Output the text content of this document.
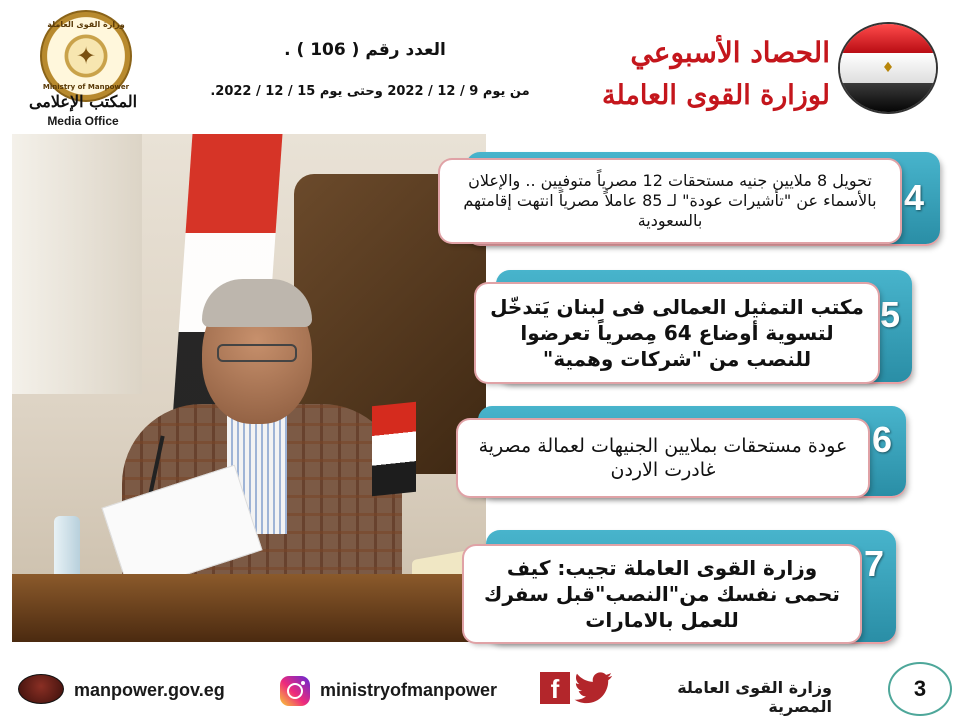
وزارة القوى العاملة
✦
Ministry of Manpower
المكتب الإعلامى
Media Office
العدد رقم ( 106 ) .
من يوم 9 / 12 / 2022 وحتى يوم 15 / 12 / 2022.
الحصاد الأسبوعي
لوزارة القوى العاملة
♦
4
تحويل 8 ملايين جنيه مستحقات 12 مصرياً متوفيين .. والإعلان بالأسماء عن "تأشيرات عودة" لـ 85 عاملاً مصرياً انتهت إقامتهم بالسعودية
5
مكتب التمثيل العمالى فى لبنان يَتدخّل لتسوية أوضاع 64 مِصرياً تعرضوا للنصب من "شركات وهمية"
6
عودة مستحقات بملايين الجنيهات لعمالة مصرية غادرت الاردن
7
وزارة القوى العاملة تجيب: كيف تحمى نفسك من"النصب"قبل سفرك للعمل بالامارات
manpower.gov.eg	ministryofmanpower	f	وزارة القوى العاملة المصرية
3
